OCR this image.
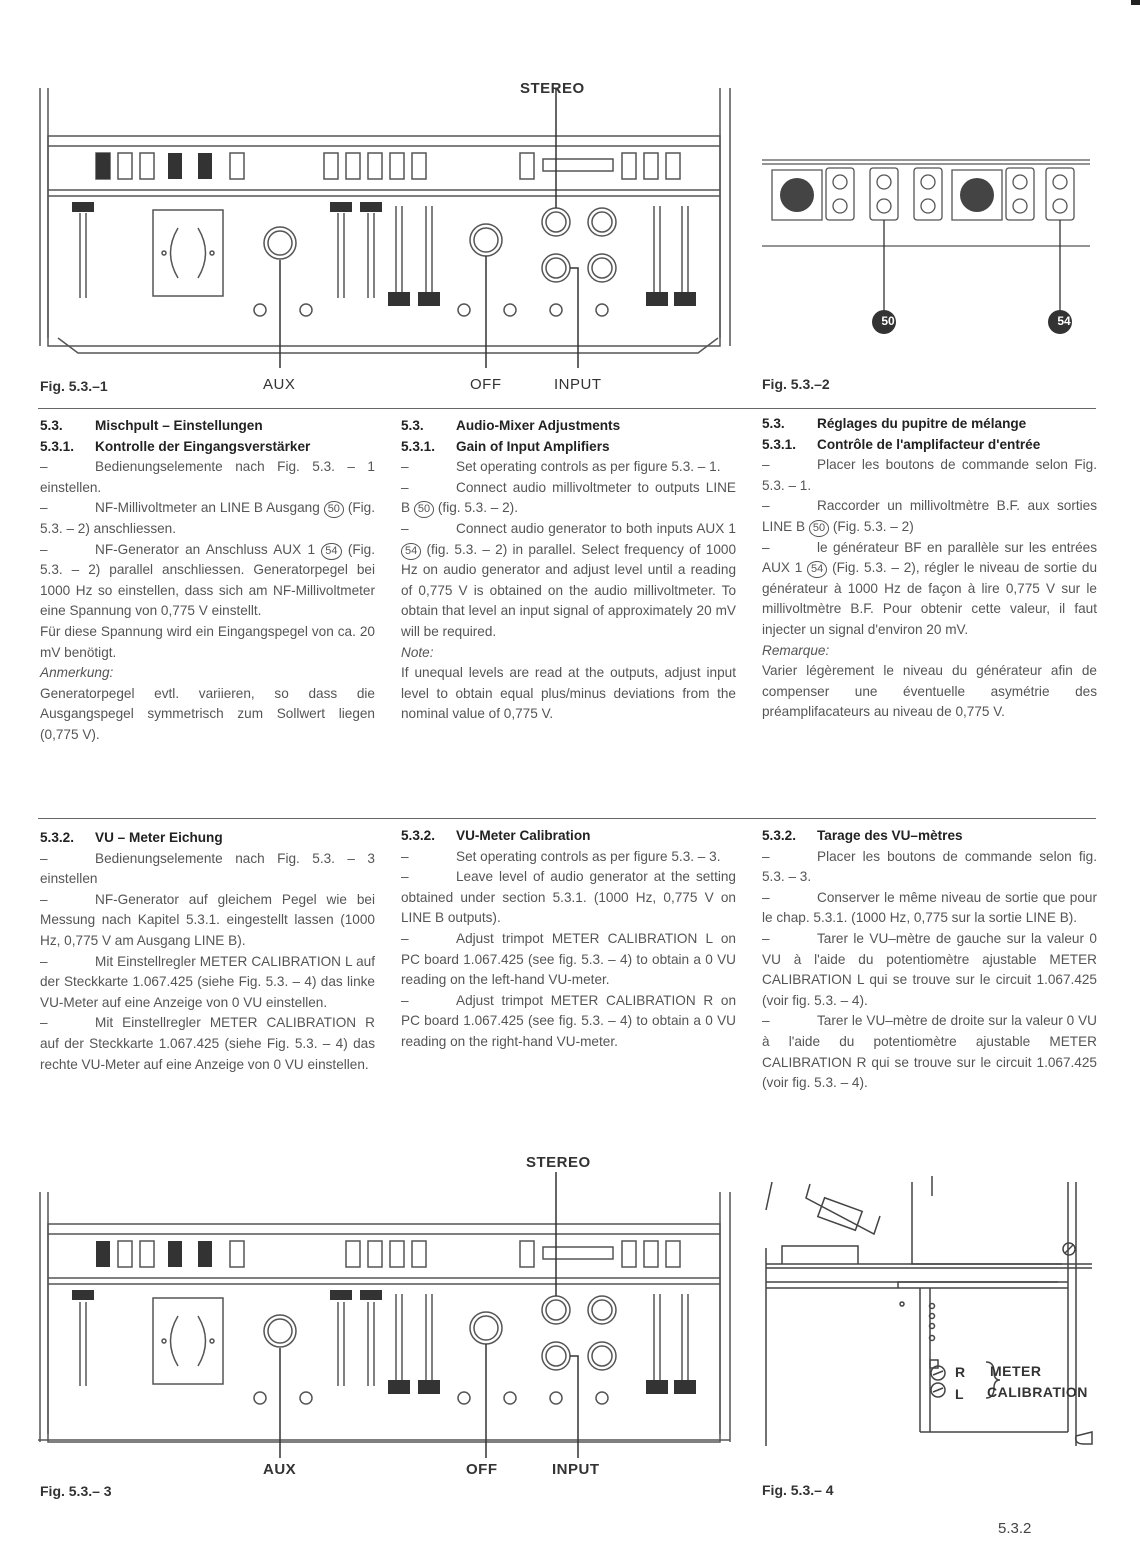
STEREO
AUX	OFF	INPUT
Fig. 5.3.–1
50	54
Fig. 5.3.–2
5.3. Mischpult – Einstellungen
5.3.1. Kontrolle der Eingangsverstärker

–	Bedienungselemente nach Fig. 5.3. – 1 einstellen.

–	NF-Millivoltmeter an LINE B Ausgang 50 (Fig. 5.3. – 2) anschliessen.

–	NF-Generator an Anschluss AUX 1 54 (Fig. 5.3. – 2) parallel anschliessen. Generatorpegel bei 1000 Hz so einstellen, dass sich am NF-Millivoltmeter eine Spannung von 0,775 V einstellt.

Für diese Spannung wird ein Eingangspegel von ca. 20 mV benötigt.

Anmerkung:

Generatorpegel evtl. variieren, so dass die Ausgangspegel symmetrisch zum Sollwert liegen (0,775 V).

5.3. Audio-Mixer Adjustments
5.3.1. Gain of Input Amplifiers

–	Set operating controls as per figure 5.3. – 1.

–	Connect audio millivoltmeter to outputs LINE B 50 (fig. 5.3. – 2).

–	Connect audio generator to both inputs AUX 1 54 (fig. 5.3. – 2) in parallel. Select frequency of 1000 Hz on audio generator and adjust level until a reading of 0,775 V is obtained on the audio millivoltmeter. To obtain that level an input signal of approximately 20 mV will be required.

Note:

If unequal levels are read at the outputs, adjust input level to obtain equal plus/minus deviations from the nominal value of 0,775 V.

5.3. Réglages du pupitre de mélange
5.3.1. Contrôle de l'amplifacteur d'entrée

–	Placer les boutons de commande selon Fig. 5.3. – 1.

–	Raccorder un millivoltmètre B.F. aux sorties LINE B 50 (Fig. 5.3. – 2)

–	le générateur BF en parallèle sur les entrées AUX 1 54 (Fig. 5.3. – 2), régler le niveau de sortie du générateur à 1000 Hz de façon à lire 0,775 V sur le millivoltmètre B.F. Pour obtenir cette valeur, il faut injecter un signal d'environ 20 mV.

Remarque:

Varier légèrement le niveau du générateur afin de compenser une éventuelle asymétrie des préamplifacateurs au niveau de 0,775 V.

5.3.2. VU – Meter Eichung

–	Bedienungselemente nach Fig. 5.3. – 3 einstellen

–	NF-Generator auf gleichem Pegel wie bei Messung nach Kapitel 5.3.1. eingestellt lassen (1000 Hz, 0,775 V am Ausgang LINE B).

–	Mit Einstellregler METER CALIBRATION L auf der Steckkarte 1.067.425 (siehe Fig. 5.3. – 4) das linke VU-Meter auf eine Anzeige von 0 VU einstellen.

–	Mit Einstellregler METER CALIBRATION R auf der Steckkarte 1.067.425 (siehe Fig. 5.3. – 4) das rechte VU-Meter auf eine Anzeige von 0 VU einstellen.

5.3.2. VU-Meter Calibration

–	Set operating controls as per figure 5.3. – 3.

–	Leave level of audio generator at the setting obtained under section 5.3.1. (1000 Hz, 0,775 V on LINE B outputs).

–	Adjust trimpot METER CALIBRATION L on PC board 1.067.425 (see fig. 5.3. – 4) to obtain a 0 VU reading on the left-hand VU-meter.

–	Adjust trimpot METER CALIBRATION R on PC board 1.067.425 (see fig. 5.3. – 4) to obtain a 0 VU reading on the right-hand VU-meter.

5.3.2. Tarage des VU–mètres

–	Placer les boutons de commande selon fig. 5.3. – 3.

–	Conserver le même niveau de sortie que pour le chap. 5.3.1. (1000 Hz, 0,775 sur la sortie LINE B).

–	Tarer le VU–mètre de gauche sur la valeur 0 VU à l'aide du potentiomètre ajustable METER CALIBRATION L qui se trouve sur le circuit 1.067.425 (voir fig. 5.3. – 4).

–	Tarer le VU–mètre de droite sur la valeur 0 VU à l'aide du potentiomètre ajustable METER CALIBRATION R qui se trouve sur le circuit 1.067.425 (voir fig. 5.3. – 4).

STEREO
AUX	OFF	INPUT
Fig. 5.3.– 3
R
L
METER
CALIBRATION
Fig. 5.3.– 4
5.3.2
